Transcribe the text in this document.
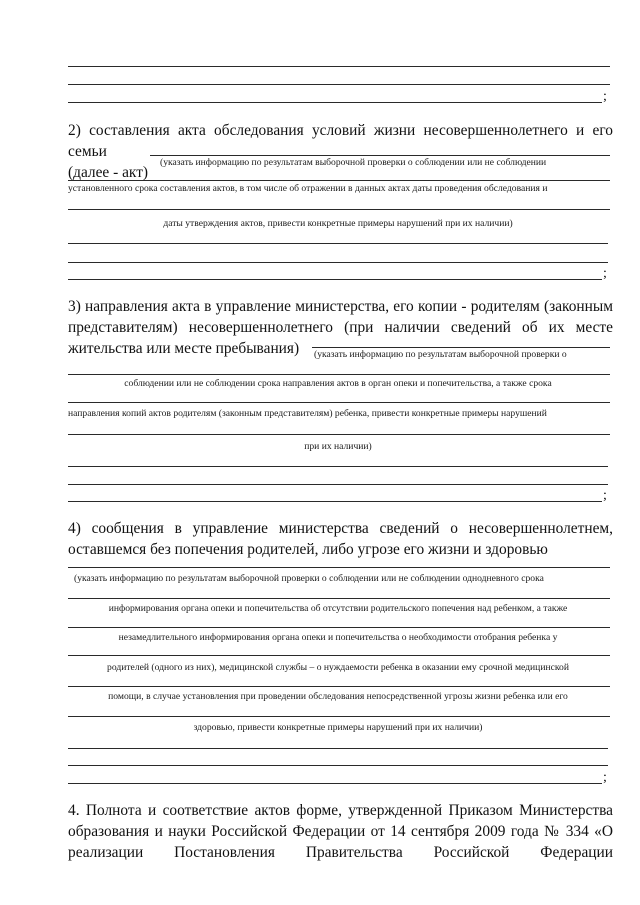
;

2) составления акта обследования условий жизни несовершеннолетнего и его семьи
(далее - акт)

(указать информацию по результатам выборочной проверки о соблюдении или не соблюдении

установленного срока составления актов, в том числе об отражении в данных актах даты проведения обследования и

даты утверждения актов, привести конкретные примеры нарушений при их наличии)

;

3) направления акта в управление министерства, его копии - родителям (законным представителям) несовершеннолетнего (при наличии сведений об их месте жительства или месте пребывания)	(указать информацию по результатам выборочной проверки о

соблюдении или не соблюдении срока направления актов в орган опеки и попечительства, а также срока

направления копий актов родителям (законным представителям) ребенка, привести конкретные примеры нарушений

при их наличии)

;

4) сообщения в управление министерства сведений о несовершеннолетнем, оставшемся без попечения родителей, либо угрозе его жизни и здоровью

(указать информацию по результатам выборочной проверки о соблюдении или не соблюдении однодневного срока

информирования органа опеки и попечительства об отсутствии родительского попечения над ребенком, а также

незамедлительного информирования органа опеки и попечительства о необходимости отобрания ребенка у

родителей (одного из них), медицинской службы – о нуждаемости ребенка в оказании ему срочной медицинской

помощи, в случае установления при проведении обследования непосредственной угрозы жизни ребенка или его

здоровью, привести конкретные примеры нарушений при их наличии)

;

4. Полнота и соответствие актов форме, утвержденной Приказом Министерства образования и науки Российской Федерации от 14 сентября 2009 года № 334 «О реализации Постановления Правительства Российской Федерации
